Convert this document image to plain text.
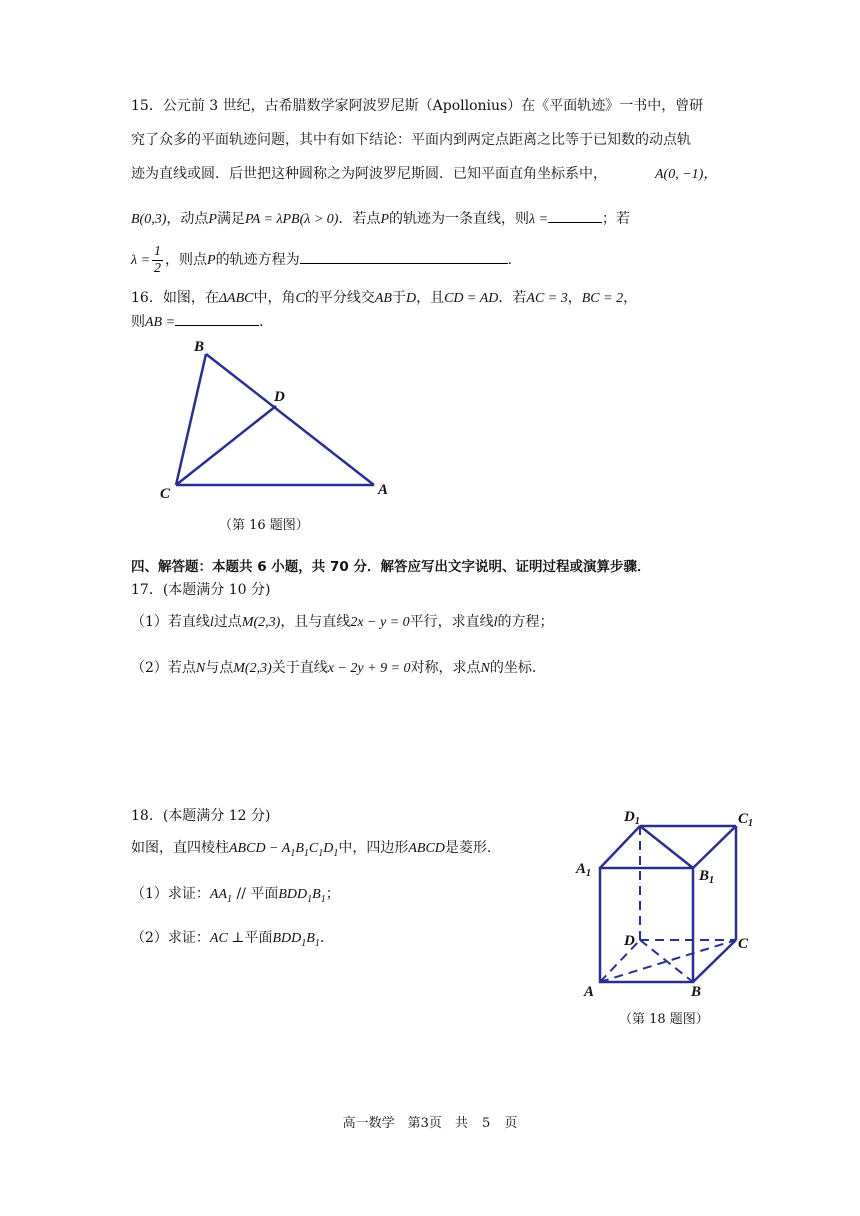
15．公元前 3 世纪，古希腊数学家阿波罗尼斯（Apollonius）在《平面轨迹》一书中，曾研
究了众多的平面轨迹问题，其中有如下结论：平面内到两定点距离之比等于已知数的动点轨
迹为直线或圆．后世把这种圆称之为阿波罗尼斯圆．已知平面直角坐标系中，	A(0, −1)，
B(0,3)，动点P满足PA = λPB(λ > 0)．若点P的轨迹为一条直线，则λ =	；若
$\lambda = \frac{1}{2}$ ，则点P的轨迹方程为	.
16．如图，在ΔABC中，角C的平分线交AB于D，且CD = AD．若AC = 3，BC = 2，
则AB =	.
B
D
C	A
$D_1$	$C_1$
$A_1$	$B_1$
D	C
A	B
（第 16 题图）
四、解答题：本题共 6 小题，共 70 分．解答应写出文字说明、证明过程或演算步骤．
17．(本题满分 10 分)
（1）若直线l过点M(2,3)，且与直线2x − y = 0平行，求直线l的方程；
（2）若点N与点M(2,3)关于直线x − 2y + 9 = 0对称，求点N的坐标.
18．(本题满分 12 分)
如图，直四棱柱ABCD − $A_1B_1C_1D_1$中，四边形ABCD是菱形.
（1）求证：$AA_1$ // 平面$BDD_1B_1$；
（2）求证：AC ⊥平面$BDD_1B_1$.
（第 18 题图）
高一数学　第3页　共 5 页
